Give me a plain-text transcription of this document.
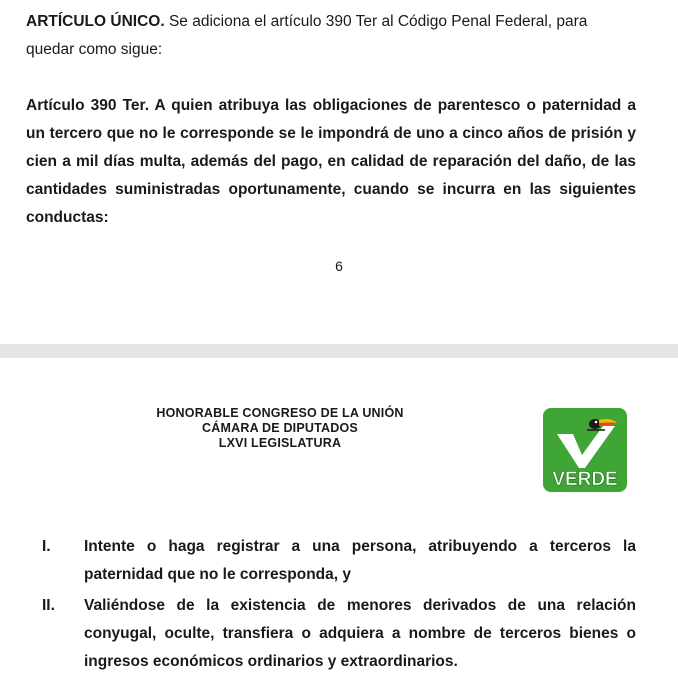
ARTÍCULO ÚNICO. Se adiciona el artículo 390 Ter al Código Penal Federal, para quedar como sigue:

Artículo 390 Ter. A quien atribuya las obligaciones de parentesco o paternidad a un tercero que no le corresponde se le impondrá de uno a cinco años de prisión y cien a mil días multa, además del pago, en calidad de reparación del daño, de las cantidades suministradas oportunamente, cuando se incurra en las siguientes conductas:

6
HONORABLE CONGRESO DE LA UNIÓN
CÁMARA DE DIPUTADOS
LXVI LEGISLATURA
VERDE
I. Intente o haga registrar a una persona, atribuyendo a terceros la paternidad que no le corresponda, y
II. Valiéndose de la existencia de menores derivados de una relación conyugal, oculte, transfiera o adquiera a nombre de terceros bienes o ingresos económicos ordinarios y extraordinarios.
